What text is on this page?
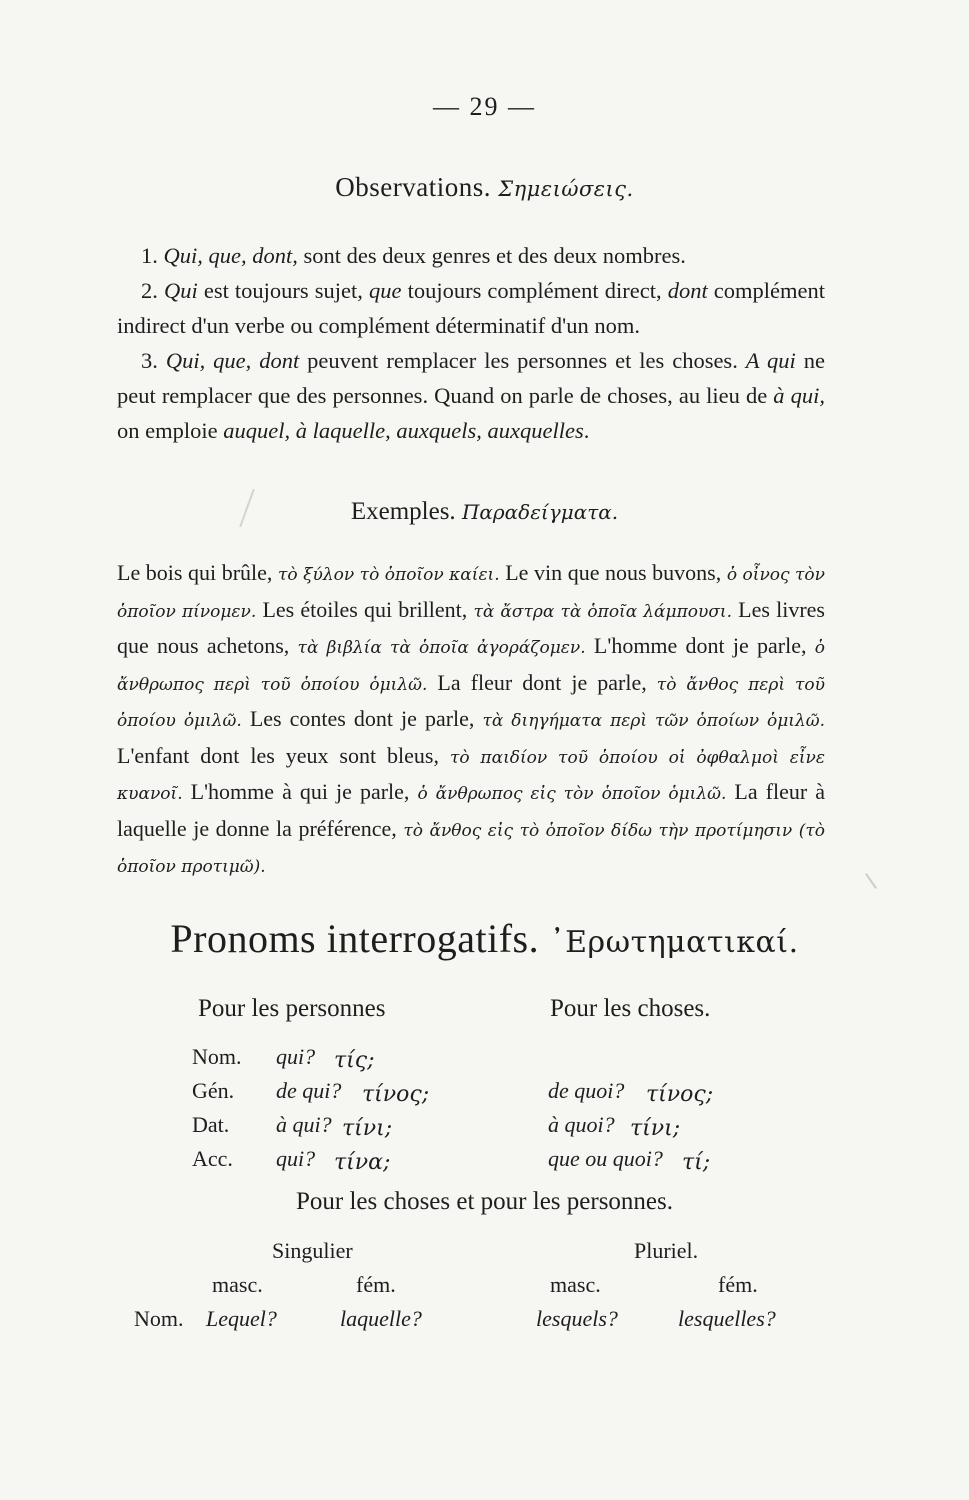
— 29 —
Observations. Σημειώσεις.

1. Qui, que, dont, sont des deux genres et des deux nombres.

2. Qui est toujours sujet, que toujours complément direct, dont complément indirect d'un verbe ou complément déterminatif d'un nom.

3. Qui, que, dont peuvent remplacer les personnes et les choses. A qui ne peut remplacer que des personnes. Quand on parle de choses, au lieu de à qui, on emploie auquel, à laquelle, auxquels, auxquelles.

Exemples. Παραδείγματα.

Le bois qui brûle, τὸ ξύλον τὸ ὁποῖον καίει. Le vin que nous buvons, ὁ οἶνος τὸν ὁποῖον πίνομεν. Les étoiles qui brillent, τὰ ἄστρα τὰ ὁποῖα λάμπουσι. Les livres que nous achetons, τὰ βιβλία τὰ ὁποῖα ἀγοράζομεν. L'homme dont je parle, ὁ ἄνθρωπος περὶ τοῦ ὁποίου ὁμιλῶ. La fleur dont je parle, τὸ ἄνθος περὶ τοῦ ὁποίου ὁμιλῶ. Les contes dont je parle, τὰ διηγήματα περὶ τῶν ὁποίων ὁμιλῶ. L'enfant dont les yeux sont bleus, τὸ παιδίον τοῦ ὁποίου οἱ ὀφθαλμοὶ εἶνε κυανοῖ. L'homme à qui je parle, ὁ ἄνθρωπος εἰς τὸν ὁποῖον ὁμιλῶ. La fleur à laquelle je donne la préférence, τὸ ἄνθος εἰς τὸ ὁποῖον δίδω τὴν προτίμησιν (τὸ ὁποῖον προτιμῶ).

Pronoms interrogatifs. ᾿Ερωτηματικαί.
Pour les personnes	Pour les choses.
Nom. qui? τίς;
Gén. de qui? τίνος;	de quoi? τίνος;
Dat. à qui? τίνι;	à quoi? τίνι;
Acc. qui? τίνα;	que ou quoi? τί;
Pour les choses et pour les personnes.
Singulier	Pluriel.
masc.	fém.	masc.	fém.
Nom. Lequel?	laquelle?	lesquels?	lesquelles?
